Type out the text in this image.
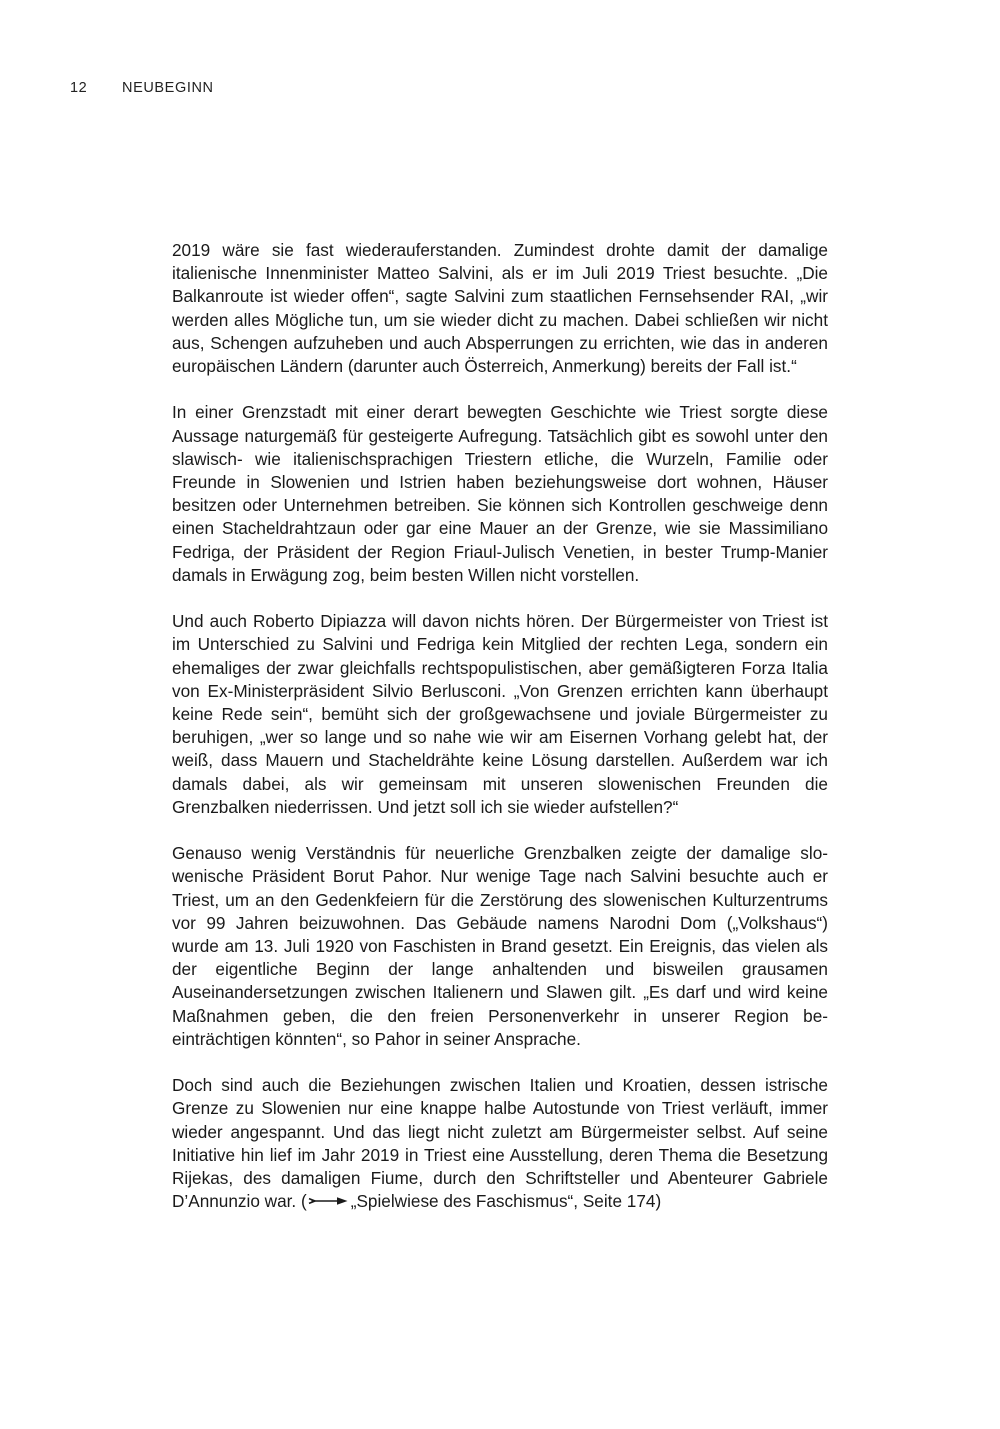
12	NEUBEGINN

2019 wäre sie fast wiederauferstanden. Zumindest drohte damit der damalige italienische Innenminister Matteo Salvini, als er im Juli 2019 Triest besuchte. „Die Balkanroute ist wieder offen“, sagte Salvini zum staatlichen Fernsehsender RAI, „wir werden alles Mögliche tun, um sie wieder dicht zu machen. Dabei schließen wir nicht aus, Schengen aufzuheben und auch Absperrungen zu errichten, wie das in anderen europäischen Ländern (darunter auch Österreich, Anmerkung) bereits der Fall ist.“

In einer Grenzstadt mit einer derart bewegten Geschichte wie Triest sorgte diese Aussage naturgemäß für gesteigerte Aufregung. Tatsächlich gibt es sowohl unter den slawisch- wie italienischsprachigen Triestern etliche, die Wurzeln, Familie oder Freunde in Slowenien und Istrien haben beziehungsweise dort wohnen, Häuser besitzen oder Unternehmen betreiben. Sie können sich Kontrollen geschweige denn einen Stacheldrahtzaun oder gar eine Mauer an der Grenze, wie sie Massimiliano Fedriga, der Präsident der Region Friaul-Julisch Venetien, in bester Trump-Manier damals in Erwägung zog, beim besten Willen nicht vorstellen.

Und auch Roberto Dipiazza will davon nichts hören. Der Bürgermeister von Triest ist im Unterschied zu Salvini und Fedriga kein Mitglied der rechten Lega, sondern ein ehemaliges der zwar gleichfalls rechtspopulistischen, aber gemäßigteren Forza Italia von Ex-Ministerpräsident Silvio Berlusconi. „Von Grenzen errichten kann überhaupt keine Rede sein“, bemüht sich der großgewachsene und joviale Bürgermeister zu beruhigen, „wer so lange und so nahe wie wir am Eisernen Vorhang gelebt hat, der weiß, dass Mauern und Stacheldrähte keine Lösung darstellen. Außerdem war ich damals dabei, als wir gemeinsam mit unseren slowenischen Freunden die Grenzbalken niederrissen. Und jetzt soll ich sie wieder aufstellen?“

Genauso wenig Verständnis für neuerliche Grenzbalken zeigte der damalige slowenische Präsident Borut Pahor. Nur wenige Tage nach Salvini besuchte auch er Triest, um an den Gedenkfeiern für die Zerstörung des slowenischen Kulturzentrums vor 99 Jahren beizuwohnen. Das Gebäude namens Narodni Dom („Volkshaus“) wurde am 13. Juli 1920 von Faschisten in Brand gesetzt. Ein Ereignis, das vielen als der eigentliche Beginn der lange anhaltenden und bisweilen grausamen Auseinandersetzungen zwischen Italienern und Slawen gilt. „Es darf und wird keine Maßnahmen geben, die den freien Personenverkehr in unserer Region beeinträchtigen könnten“, so Pahor in seiner Ansprache.

Doch sind auch die Beziehungen zwischen Italien und Kroatien, dessen istrische Grenze zu Slowenien nur eine knappe halbe Autostunde von Triest verläuft, immer wieder angespannt. Und das liegt nicht zuletzt am Bürgermeister selbst. Auf seine Initiative hin lief im Jahr 2019 in Triest eine Ausstellung, deren Thema die Besetzung Rijekas, des damaligen Fiume, durch den Schriftsteller und Abenteurer Gabriele D’Annunzio war. (	„Spielwiese des Faschismus“, Seite 174)
